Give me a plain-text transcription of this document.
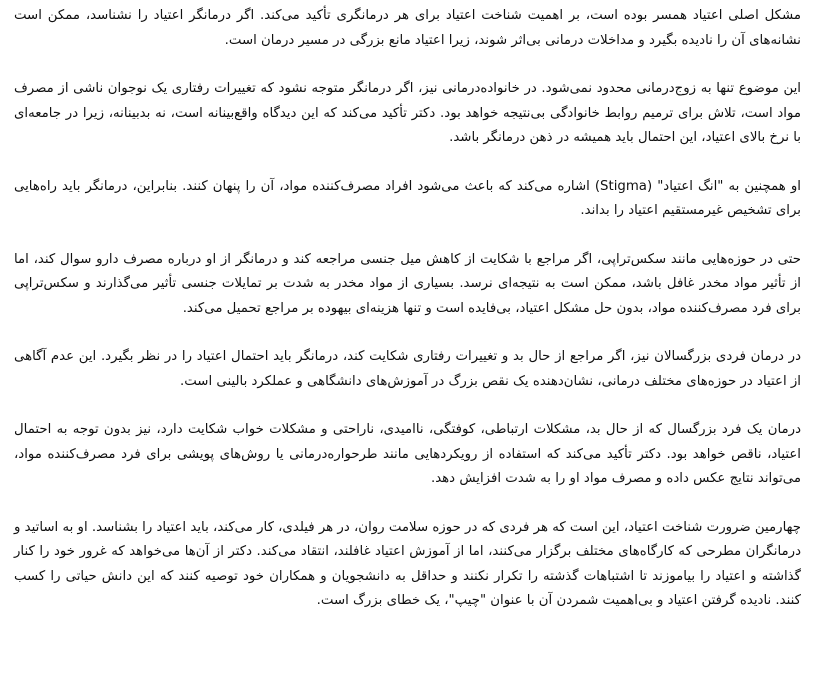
مشکل اصلی اعتیاد همسر بوده است، بر اهمیت شناخت اعتیاد برای هر درمانگری تأکید می‌کند. اگر درمانگر اعتیاد را نشناسد، ممکن است نشانه‌های آن را نادیده بگیرد و مداخلات درمانی بی‌اثر شوند، زیرا اعتیاد مانع بزرگی در مسیر درمان است.

این موضوع تنها به زوج‌درمانی محدود نمی‌شود. در خانواده‌درمانی نیز، اگر درمانگر متوجه نشود که تغییرات رفتاری یک نوجوان ناشی از مصرف مواد است، تلاش برای ترمیم روابط خانوادگی بی‌نتیجه خواهد بود. دکتر تأکید می‌کند که این دیدگاه واقع‌بینانه است، نه بدبینانه، زیرا در جامعه‌ای با نرخ بالای اعتیاد، این احتمال باید همیشه در ذهن درمانگر باشد.

او همچنین به "انگ اعتیاد" (Stigma) اشاره می‌کند که باعث می‌شود افراد مصرف‌کننده مواد، آن را پنهان کنند. بنابراین، درمانگر باید راه‌هایی برای تشخیص غیرمستقیم اعتیاد را بداند.

حتی در حوزه‌هایی مانند سکس‌تراپی، اگر مراجع با شکایت از کاهش میل جنسی مراجعه کند و درمانگر از او درباره مصرف دارو سوال کند، اما از تأثیر مواد مخدر غافل باشد، ممکن است به نتیجه‌ای نرسد. بسیاری از مواد مخدر به شدت بر تمایلات جنسی تأثیر می‌گذارند و سکس‌تراپی برای فرد مصرف‌کننده مواد، بدون حل مشکل اعتیاد، بی‌فایده است و تنها هزینه‌ای بیهوده بر مراجع تحمیل می‌کند.

در درمان فردی بزرگسالان نیز، اگر مراجع از حال بد و تغییرات رفتاری شکایت کند، درمانگر باید احتمال اعتیاد را در نظر بگیرد. این عدم آگاهی از اعتیاد در حوزه‌های مختلف درمانی، نشان‌دهنده یک نقص بزرگ در آموزش‌های دانشگاهی و عملکرد بالینی است.

درمان یک فرد بزرگسال که از حال بد، مشکلات ارتباطی، کوفتگی، ناامیدی، ناراحتی و مشکلات خواب شکایت دارد، نیز بدون توجه به احتمال اعتیاد، ناقص خواهد بود. دکتر تأکید می‌کند که استفاده از رویکردهایی مانند طرحواره‌درمانی یا روش‌های پویشی برای فرد مصرف‌کننده مواد، می‌تواند نتایج عکس داده و مصرف مواد او را به شدت افزایش دهد.

چهارمین ضرورت شناخت اعتیاد، این است که هر فردی که در حوزه سلامت روان، در هر فیلدی، کار می‌کند، باید اعتیاد را بشناسد. او به اساتید و درمانگران مطرحی که کارگاه‌های مختلف برگزار می‌کنند، اما از آموزش اعتیاد غافلند، انتقاد می‌کند. دکتر از آن‌ها می‌خواهد که غرور خود را کنار گذاشته و اعتیاد را بیاموزند تا اشتباهات گذشته را تکرار نکنند و حداقل به دانشجویان و همکاران خود توصیه کنند که این دانش حیاتی را کسب کنند. نادیده گرفتن اعتیاد و بی‌اهمیت شمردن آن با عنوان "چیپ"، یک خطای بزرگ است.
